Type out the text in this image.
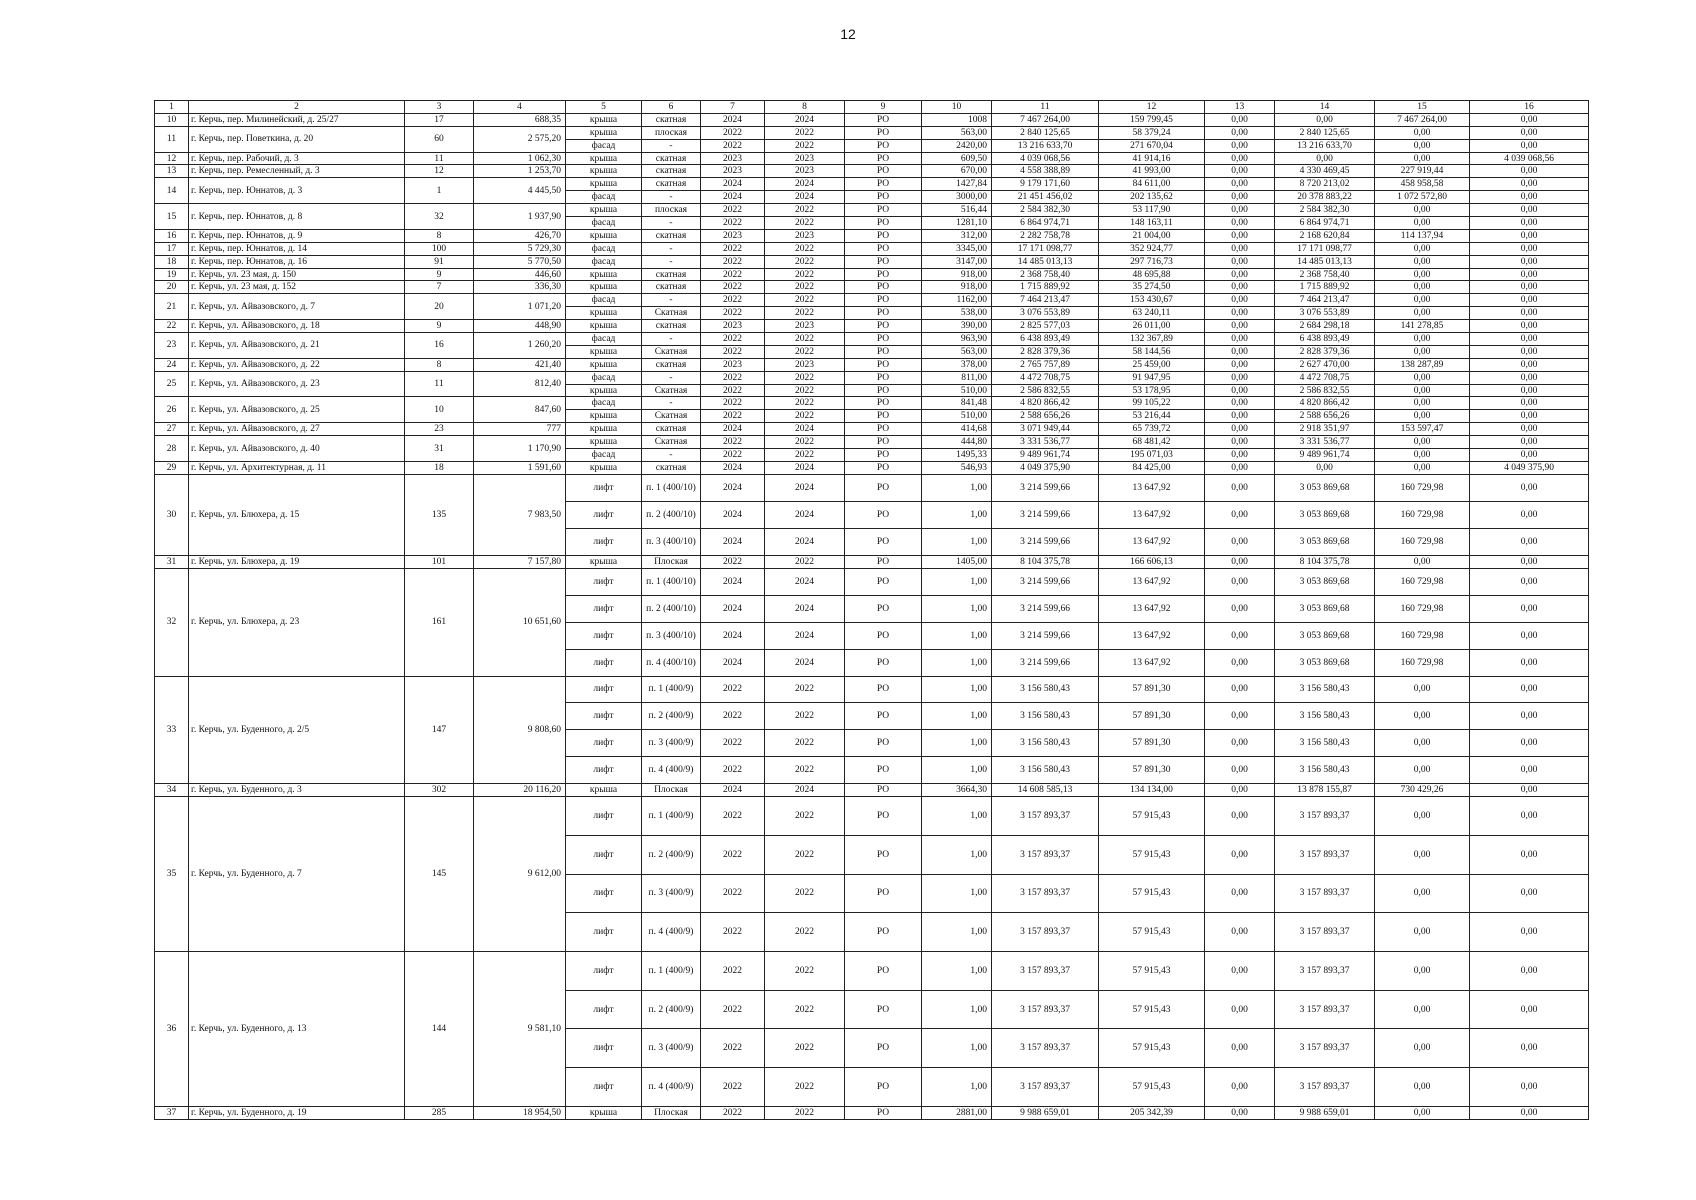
12
1	2	3	4	5	6	7	8	9	10	11	12	13	14	15	16
10	г. Керчь, пер. Милинейский, д. 25/27	17	688,35	крыша	скатная	2024	2024	РО	1008	7 467 264,00	159 799,45	0,00	0,00	7 467 264,00	0,00
11	г. Керчь, пер. Поветкина, д. 20	60	2 575,20	крыша	плоская	2022	2022	РО	563,00	2 840 125,65	58 379,24	0,00	2 840 125,65	0,00	0,00
				фасад	-	2022	2022	РО	2420,00	13 216 633,70	271 670,04	0,00	13 216 633,70	0,00	0,00
12	г. Керчь, пер. Рабочий, д. 3	11	1 062,30	крыша	скатная	2023	2023	РО	609,50	4 039 068,56	41 914,16	0,00	0,00	0,00	4 039 068,56
13	г. Керчь, пер. Ремесленный, д. 3	12	1 253,70	крыша	скатная	2023	2023	РО	670,00	4 558 388,89	41 993,00	0,00	4 330 469,45	227 919,44	0,00
14	г. Керчь, пер. Юннатов, д. 3	1	4 445,50	крыша	скатная	2024	2024	РО	1427,84	9 179 171,60	84 611,00	0,00	8 720 213,02	458 958,58	0,00
				фасад	-	2024	2024	РО	3000,00	21 451 456,02	202 135,62	0,00	20 378 883,22	1 072 572,80	0,00
15	г. Керчь, пер. Юннатов, д. 8	32	1 937,90	крыша	плоская	2022	2022	РО	516,44	2 584 382,30	53 117,90	0,00	2 584 382,30	0,00	0,00
				фасад	-	2022	2022	РО	1281,10	6 864 974,71	148 163,11	0,00	6 864 974,71	0,00	0,00
16	г. Керчь, пер. Юннатов, д. 9	8	426,70	крыша	скатная	2023	2023	РО	312,00	2 282 758,78	21 004,00	0,00	2 168 620,84	114 137,94	0,00
17	г. Керчь, пер. Юннатов, д. 14	100	5 729,30	фасад	-	2022	2022	РО	3345,00	17 171 098,77	352 924,77	0,00	17 171 098,77	0,00	0,00
18	г. Керчь, пер. Юннатов, д. 16	91	5 770,50	фасад	-	2022	2022	РО	3147,00	14 485 013,13	297 716,73	0,00	14 485 013,13	0,00	0,00
19	г. Керчь, ул. 23 мая, д. 150	9	446,60	крыша	скатная	2022	2022	РО	918,00	2 368 758,40	48 695,88	0,00	2 368 758,40	0,00	0,00
20	г. Керчь, ул. 23 мая, д. 152	7	336,30	крыша	скатная	2022	2022	РО	918,00	1 715 889,92	35 274,50	0,00	1 715 889,92	0,00	0,00
21	г. Керчь, ул. Айвазовского, д. 7	20	1 071,20	фасад	-	2022	2022	РО	1162,00	7 464 213,47	153 430,67	0,00	7 464 213,47	0,00	0,00
				крыша	Скатная	2022	2022	РО	538,00	3 076 553,89	63 240,11	0,00	3 076 553,89	0,00	0,00
22	г. Керчь, ул. Айвазовского, д. 18	9	448,90	крыша	скатная	2023	2023	РО	390,00	2 825 577,03	26 011,00	0,00	2 684 298,18	141 278,85	0,00
23	г. Керчь, ул. Айвазовского, д. 21	16	1 260,20	фасад	-	2022	2022	РО	963,90	6 438 893,49	132 367,89	0,00	6 438 893,49	0,00	0,00
				крыша	Скатная	2022	2022	РО	563,00	2 828 379,36	58 144,56	0,00	2 828 379,36	0,00	0,00
24	г. Керчь, ул. Айвазовского, д. 22	8	421,40	крыша	скатная	2023	2023	РО	378,00	2 765 757,89	25 459,00	0,00	2 627 470,00	138 287,89	0,00
25	г. Керчь, ул. Айвазовского, д. 23	11	812,40	фасад	-	2022	2022	РО	811,00	4 472 708,75	91 947,95	0,00	4 472 708,75	0,00	0,00
				крыша	Скатная	2022	2022	РО	510,00	2 586 832,55	53 178,95	0,00	2 586 832,55	0,00	0,00
26	г. Керчь, ул. Айвазовского, д. 25	10	847,60	фасад	-	2022	2022	РО	841,48	4 820 866,42	99 105,22	0,00	4 820 866,42	0,00	0,00
				крыша	Скатная	2022	2022	РО	510,00	2 588 656,26	53 216,44	0,00	2 588 656,26	0,00	0,00
27	г. Керчь, ул. Айвазовского, д. 27	23	777	крыша	скатная	2024	2024	РО	414,68	3 071 949,44	65 739,72	0,00	2 918 351,97	153 597,47	0,00
28	г. Керчь, ул. Айвазовского, д. 40	31	1 170,90	крыша	Скатная	2022	2022	РО	444,80	3 331 536,77	68 481,42	0,00	3 331 536,77	0,00	0,00
				фасад	-	2022	2022	РО	1495,33	9 489 961,74	195 071,03	0,00	9 489 961,74	0,00	0,00
29	г. Керчь, ул. Архитектурная, д. 11	18	1 591,60	крыша	скатная	2024	2024	РО	546,93	4 049 375,90	84 425,00	0,00	0,00	0,00	4 049 375,90
30	г. Керчь, ул. Блюхера, д. 15	135	7 983,50	лифт	п. 1 (400/10)	2024	2024	РО	1,00	3 214 599,66	13 647,92	0,00	3 053 869,68	160 729,98	0,00
				лифт	п. 2 (400/10)	2024	2024	РО	1,00	3 214 599,66	13 647,92	0,00	3 053 869,68	160 729,98	0,00
				лифт	п. 3 (400/10)	2024	2024	РО	1,00	3 214 599,66	13 647,92	0,00	3 053 869,68	160 729,98	0,00
31	г. Керчь, ул. Блюхера, д. 19	101	7 157,80	крыша	Плоская	2022	2022	РО	1405,00	8 104 375,78	166 606,13	0,00	8 104 375,78	0,00	0,00
32	г. Керчь, ул. Блюхера, д. 23	161	10 651,60	лифт	п. 1 (400/10)	2024	2024	РО	1,00	3 214 599,66	13 647,92	0,00	3 053 869,68	160 729,98	0,00
				лифт	п. 2 (400/10)	2024	2024	РО	1,00	3 214 599,66	13 647,92	0,00	3 053 869,68	160 729,98	0,00
				лифт	п. 3 (400/10)	2024	2024	РО	1,00	3 214 599,66	13 647,92	0,00	3 053 869,68	160 729,98	0,00
				лифт	п. 4 (400/10)	2024	2024	РО	1,00	3 214 599,66	13 647,92	0,00	3 053 869,68	160 729,98	0,00
33	г. Керчь, ул. Буденного, д. 2/5	147	9 808,60	лифт	п. 1 (400/9)	2022	2022	РО	1,00	3 156 580,43	57 891,30	0,00	3 156 580,43	0,00	0,00
				лифт	п. 2 (400/9)	2022	2022	РО	1,00	3 156 580,43	57 891,30	0,00	3 156 580,43	0,00	0,00
				лифт	п. 3 (400/9)	2022	2022	РО	1,00	3 156 580,43	57 891,30	0,00	3 156 580,43	0,00	0,00
				лифт	п. 4 (400/9)	2022	2022	РО	1,00	3 156 580,43	57 891,30	0,00	3 156 580,43	0,00	0,00
34	г. Керчь, ул. Буденного, д. 3	302	20 116,20	крыша	Плоская	2024	2024	РО	3664,30	14 608 585,13	134 134,00	0,00	13 878 155,87	730 429,26	0,00
35	г. Керчь, ул. Буденного, д. 7	145	9 612,00	лифт	п. 1 (400/9)	2022	2022	РО	1,00	3 157 893,37	57 915,43	0,00	3 157 893,37	0,00	0,00
				лифт	п. 2 (400/9)	2022	2022	РО	1,00	3 157 893,37	57 915,43	0,00	3 157 893,37	0,00	0,00
				лифт	п. 3 (400/9)	2022	2022	РО	1,00	3 157 893,37	57 915,43	0,00	3 157 893,37	0,00	0,00
				лифт	п. 4 (400/9)	2022	2022	РО	1,00	3 157 893,37	57 915,43	0,00	3 157 893,37	0,00	0,00
36	г. Керчь, ул. Буденного, д. 13	144	9 581,10	лифт	п. 1 (400/9)	2022	2022	РО	1,00	3 157 893,37	57 915,43	0,00	3 157 893,37	0,00	0,00
				лифт	п. 2 (400/9)	2022	2022	РО	1,00	3 157 893,37	57 915,43	0,00	3 157 893,37	0,00	0,00
				лифт	п. 3 (400/9)	2022	2022	РО	1,00	3 157 893,37	57 915,43	0,00	3 157 893,37	0,00	0,00
				лифт	п. 4 (400/9)	2022	2022	РО	1,00	3 157 893,37	57 915,43	0,00	3 157 893,37	0,00	0,00
37	г. Керчь, ул. Буденного, д. 19	285	18 954,50	крыша	Плоская	2022	2022	РО	2881,00	9 988 659,01	205 342,39	0,00	9 988 659,01	0,00	0,00
